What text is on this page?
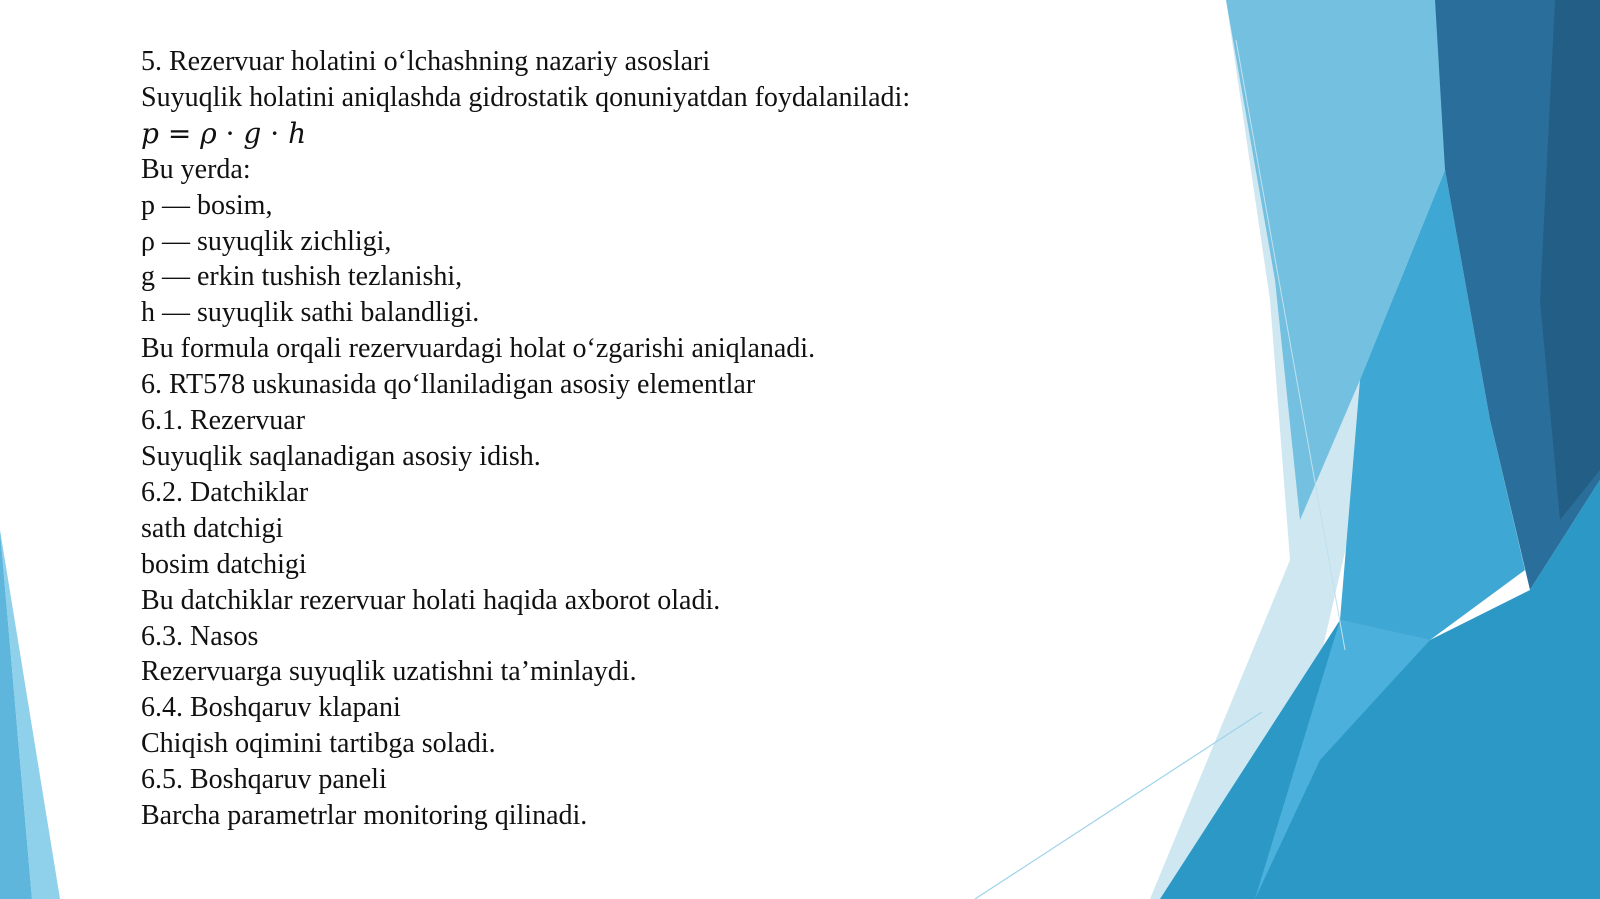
5. Rezervuar holatini o‘lchashning nazariy asoslari

Suyuqlik holatini aniqlashda gidrostatik qonuniyatdan foydalaniladi:

p = ρ · g · h

Bu yerda:

p — bosim,

ρ — suyuqlik zichligi,

g — erkin tushish tezlanishi,

h — suyuqlik sathi balandligi.

Bu formula orqali rezervuardagi holat o‘zgarishi aniqlanadi.

6. RT578 uskunasida qo‘llaniladigan asosiy elementlar

6.1. Rezervuar

Suyuqlik saqlanadigan asosiy idish.

6.2. Datchiklar

sath datchigi

bosim datchigi

Bu datchiklar rezervuar holati haqida axborot oladi.

6.3. Nasos

Rezervuarga suyuqlik uzatishni ta’minlaydi.

6.4. Boshqaruv klapani

Chiqish oqimini tartibga soladi.

6.5. Boshqaruv paneli

Barcha parametrlar monitoring qilinadi.
